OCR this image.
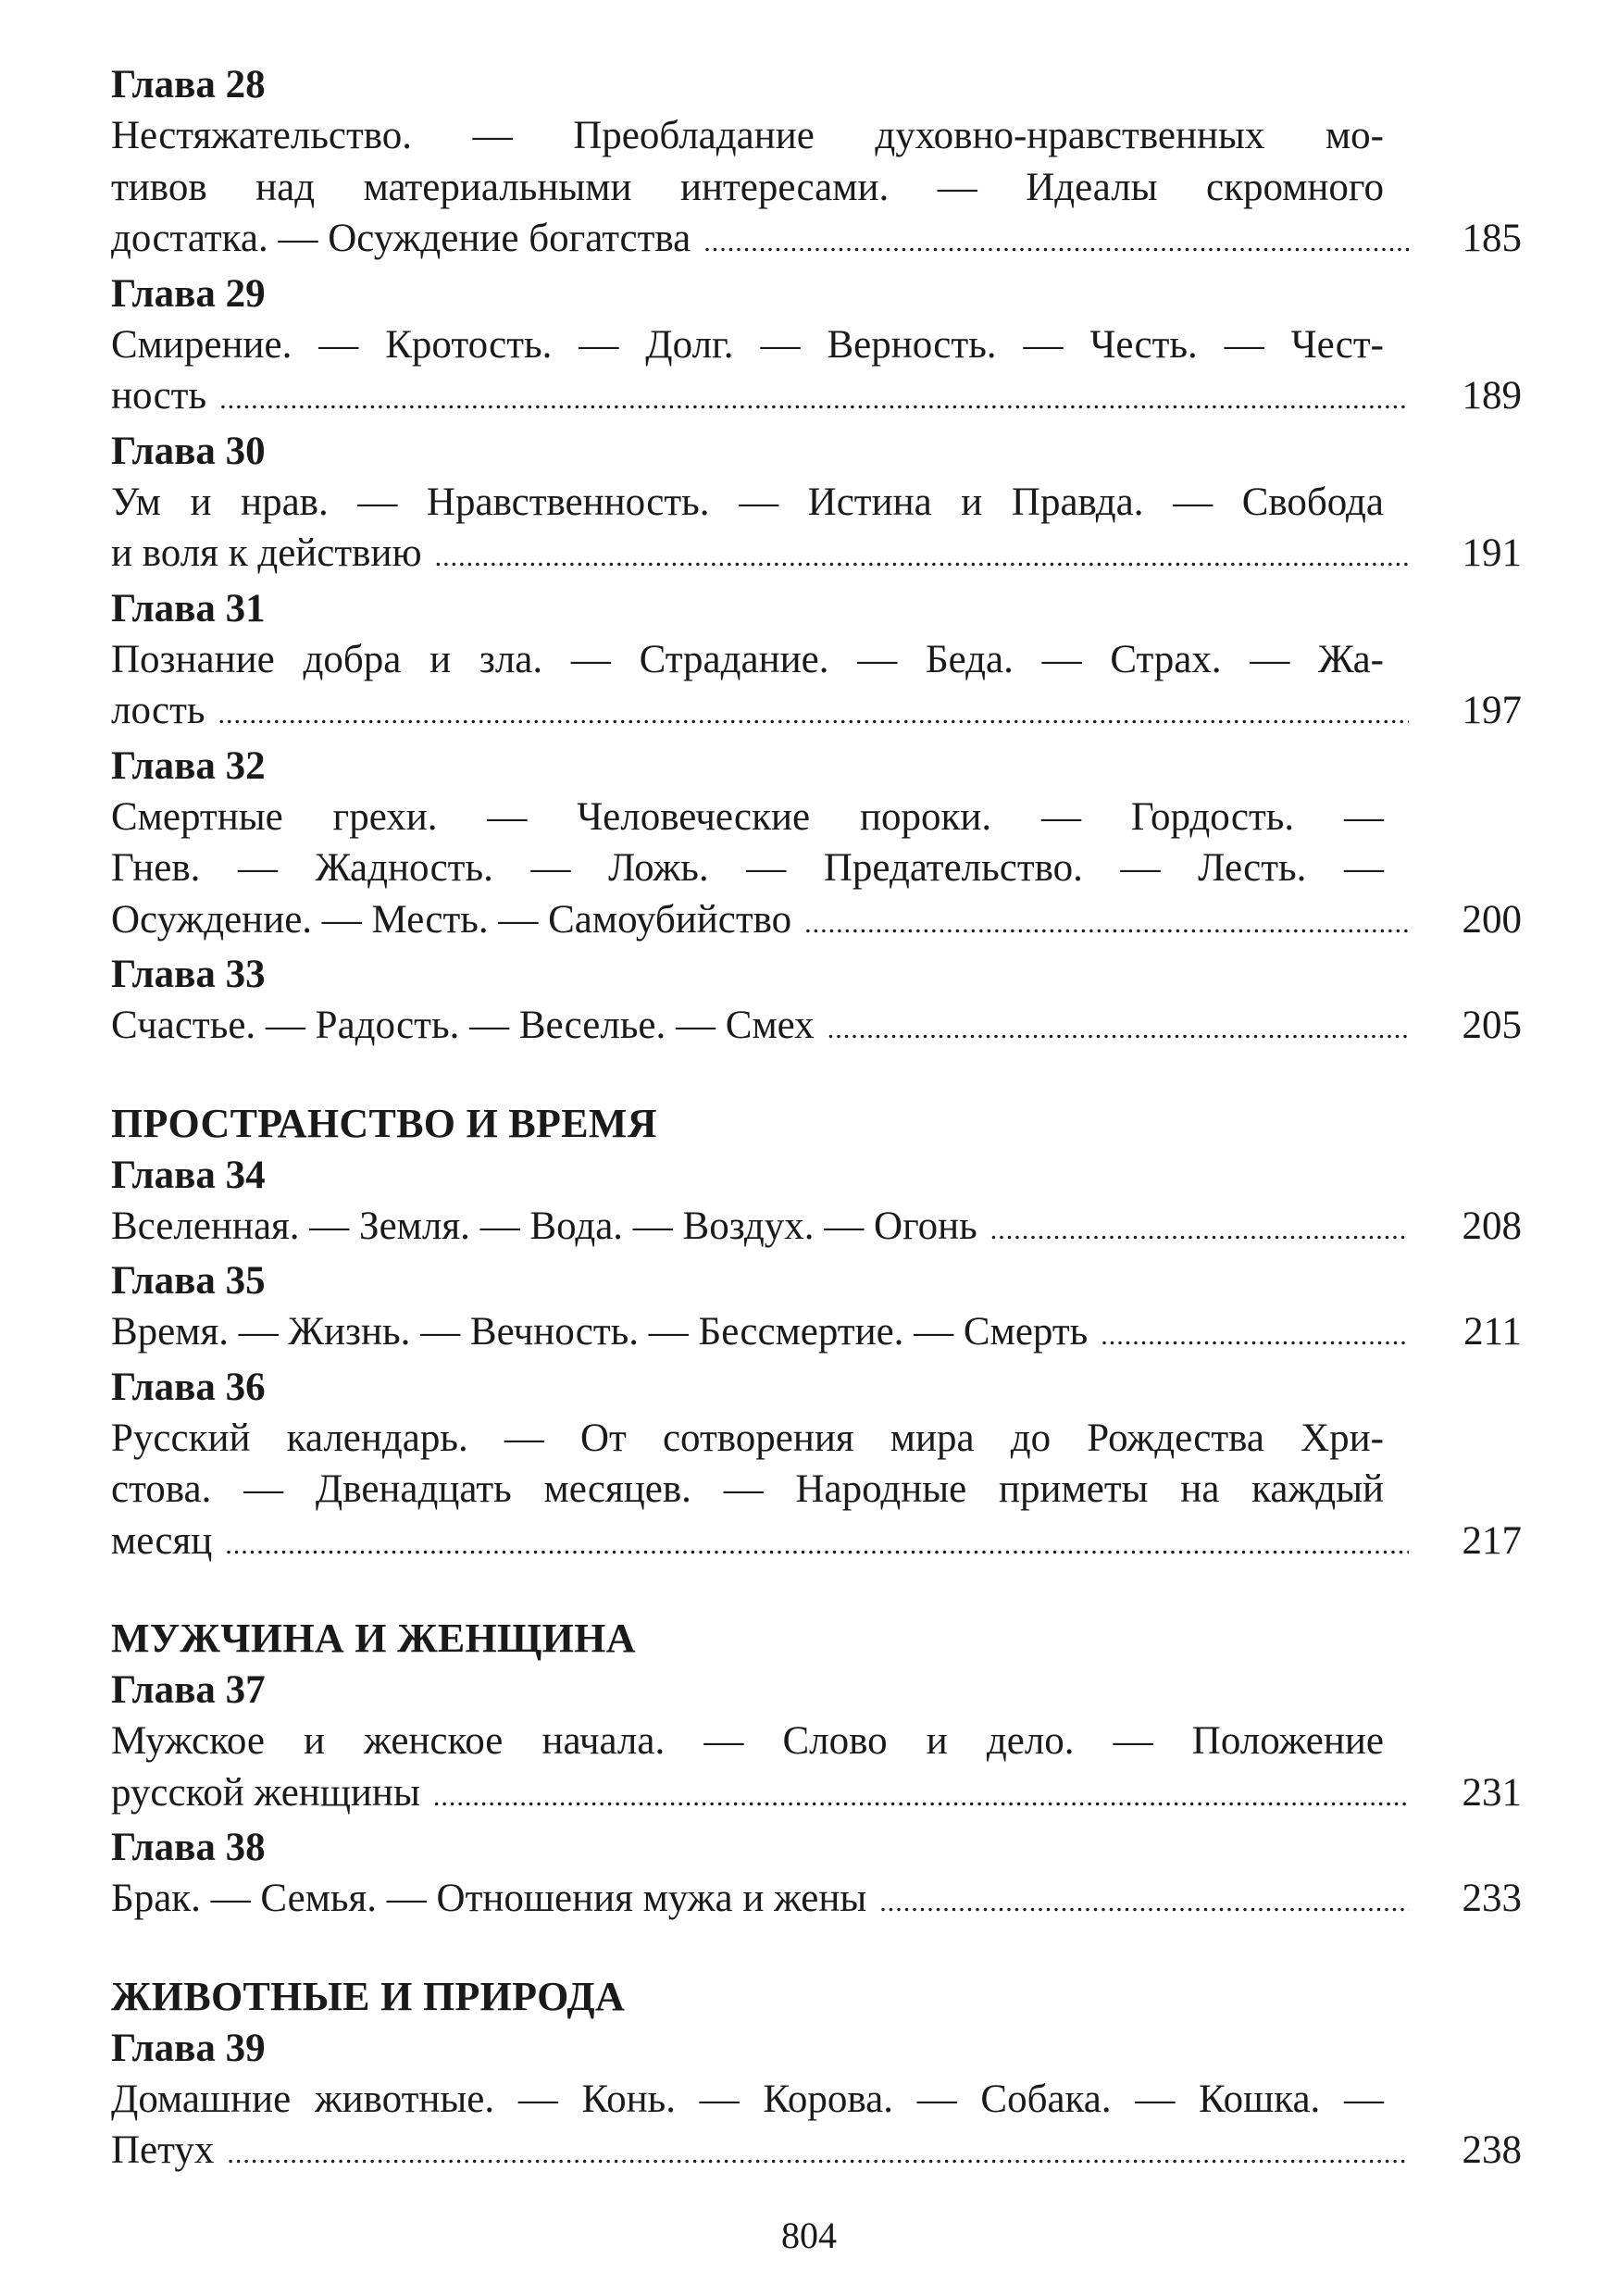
Глава 28
Нестяжательство. — Преобладание духовно-нравственных мо-
тивов над материальными интересами. — Идеалы скромного
достатка. — Осуждение богатства .....	185
Глава 29
Смирение. — Кротость. — Долг. — Верность. — Честь. — Чест-
ность .....	189
Глава 30
Ум и нрав. — Нравственность. — Истина и Правда. — Свобода
и воля к действию .....	191
Глава 31
Познание добра и зла. — Страдание. — Беда. — Страх. — Жа-
лость .....	197
Глава 32
Смертные грехи. — Человеческие пороки. — Гордость. —
Гнев. — Жадность. — Ложь. — Предательство. — Лесть. —
Осуждение. — Месть. — Самоубийство .....	200
Глава 33
Счастье. — Радость. — Веселье. — Смех .....	205
ПРОСТРАНСТВО И ВРЕМЯ
Глава 34
Вселенная. — Земля. — Вода. — Воздух. — Огонь .....	208
Глава 35
Время. — Жизнь. — Вечность. — Бессмертие. — Смерть .....	211
Глава 36
Русский календарь. — От сотворения мира до Рождества Хри-
стова. — Двенадцать месяцев. — Народные приметы на каждый
месяц .....	217
МУЖЧИНА И ЖЕНЩИНА
Глава 37
Мужское и женское начала. — Слово и дело. — Положение
русской женщины .....	231
Глава 38
Брак. — Семья. — Отношения мужа и жены .....	233
ЖИВОТНЫЕ И ПРИРОДА
Глава 39
Домашние животные. — Конь. — Корова. — Собака. — Кошка. —
Петух .....	238
804
